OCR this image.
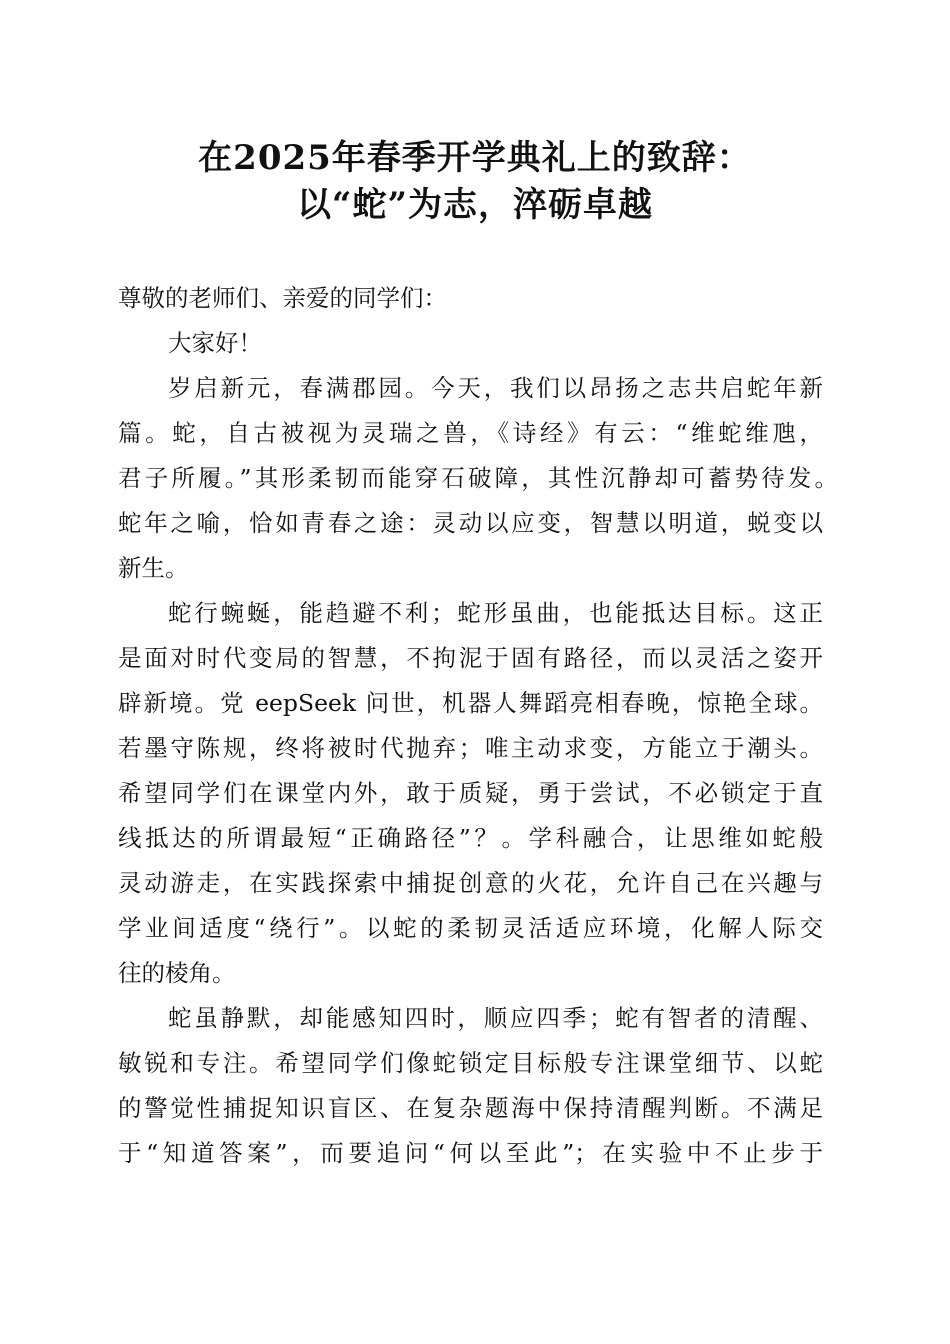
在2025年春季开学典礼上的致辞：
以“蛇”为志，淬砺卓越
尊敬的老师们、亲爱的同学们：
大家好！
岁启新元，春满郡园。今天，我们以昂扬之志共启蛇年新
篇。蛇，自古被视为灵瑞之兽，《诗经》有云：“维蛇维虺，
君子所履。”其形柔韧而能穿石破障，其性沉静却可蓄势待发。
蛇年之喻，恰如青春之途：灵动以应变，智慧以明道，蜕变以
新生。
蛇行蜿蜒，能趋避不利；蛇形虽曲，也能抵达目标。这正
是面对时代变局的智慧，不拘泥于固有路径，而以灵活之姿开
辟新境。党 eepSeek 问世，机器人舞蹈亮相春晚，惊艳全球。
若墨守陈规，终将被时代抛弃；唯主动求变，方能立于潮头。
希望同学们在课堂内外，敢于质疑，勇于尝试，不必锁定于直
线抵达的所谓最短“正确路径”？。学科融合，让思维如蛇般
灵动游走，在实践探索中捕捉创意的火花，允许自己在兴趣与
学业间适度“绕行”。以蛇的柔韧灵活适应环境，化解人际交
往的棱角。
蛇虽静默，却能感知四时，顺应四季；蛇有智者的清醒、
敏锐和专注。希望同学们像蛇锁定目标般专注课堂细节、以蛇
的警觉性捕捉知识盲区、在复杂题海中保持清醒判断。不满足
于“知道答案”，而要追问“何以至此”；在实验中不止步于
